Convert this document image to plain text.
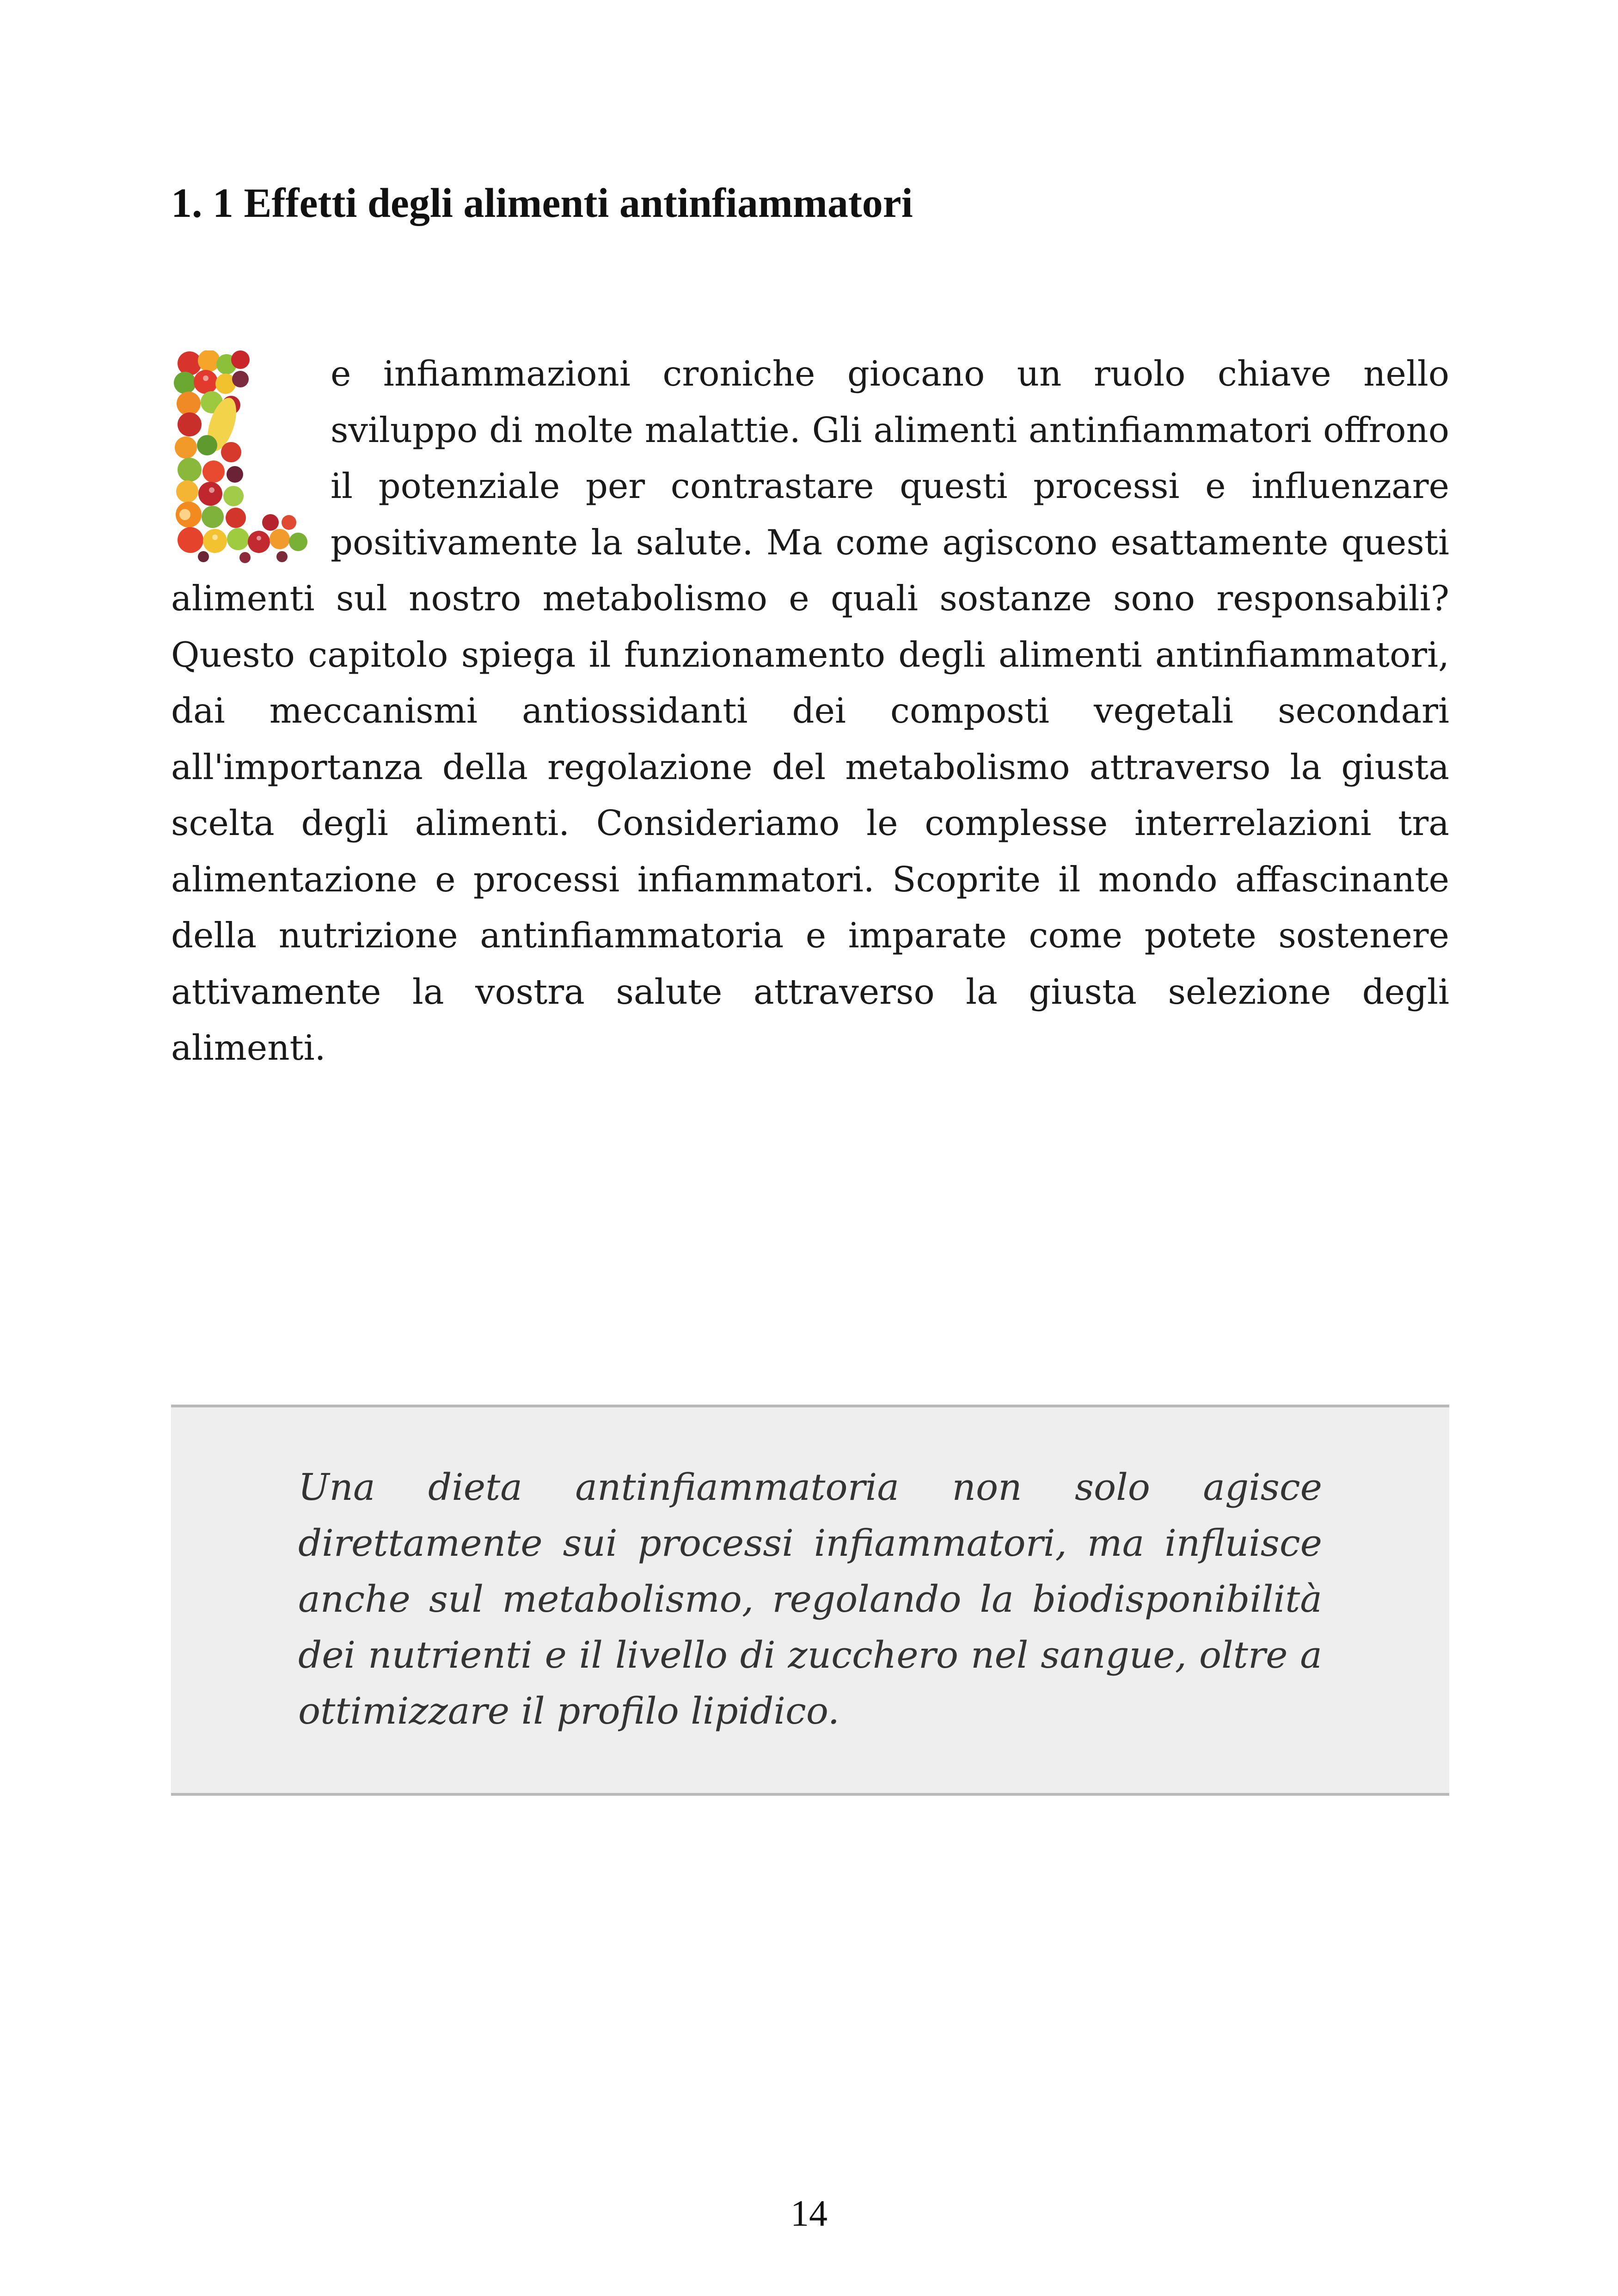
1. 1 Effetti degli alimenti antinfiammatori

e infiammazioni croniche giocano un ruolo chiave nello sviluppo di molte malattie. Gli alimenti antinfiammatori offrono il potenziale per contrastare questi processi e influenzare positivamente la salute. Ma come agiscono esattamente questi alimenti sul nostro metabolismo e quali sostanze sono responsabili? Questo capitolo spiega il funzionamento degli alimenti antinfiammatori, dai meccanismi antiossidanti dei composti vegetali secondari all'importanza della regolazione del metabolismo attraverso la giusta scelta degli alimenti. Consideriamo le complesse interrelazioni tra alimentazione e processi infiammatori. Scoprite il mondo affascinante della nutrizione antinfiammatoria e imparate come potete sostenere attivamente la vostra salute attraverso la giusta selezione degli alimenti.

Una dieta antinfiammatoria non solo agisce direttamente sui processi infiammatori, ma influisce anche sul metabolismo, regolando la biodisponibilità dei nutrienti e il livello di zucchero nel sangue, oltre a ottimizzare il profilo lipidico.

14
